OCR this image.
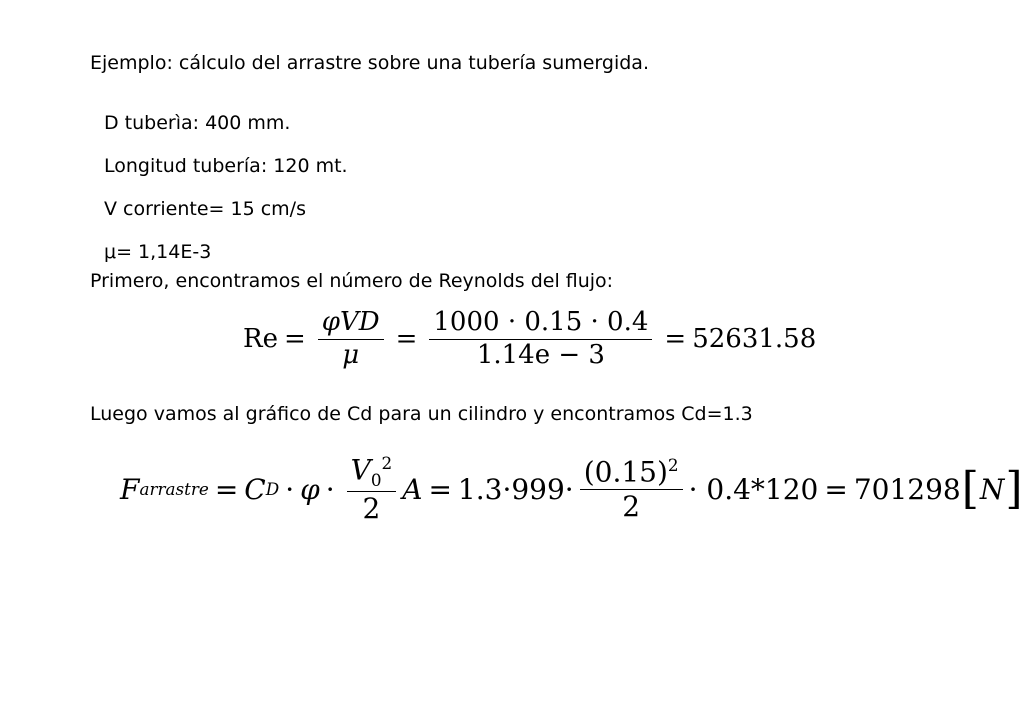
Ejemplo: cálculo del arrastre sobre una tubería sumergida.
D tuberìa: 400 mm.
Longitud tubería: 120 mt.
V corriente= 15 cm/s
μ= 1,14E-3
Primero, encontramos el número de Reynolds del flujo:
$Re = \frac{\text{φVD}}{\mu} = \frac{1000 \cdot 0.15 \cdot 0.4}{1.14e - 3} = 52631.58$
Luego vamos al gráfico de Cd para un cilindro y encontramos Cd=1.3
F arrastre = C $D \cdot \varphi \cdot \frac{V_0^2}{2}$ $A = 1.3\cdot 999\cdot \frac{(0.15)^2}{2} \cdot 0.4*120 = 701298$ [ N ]
